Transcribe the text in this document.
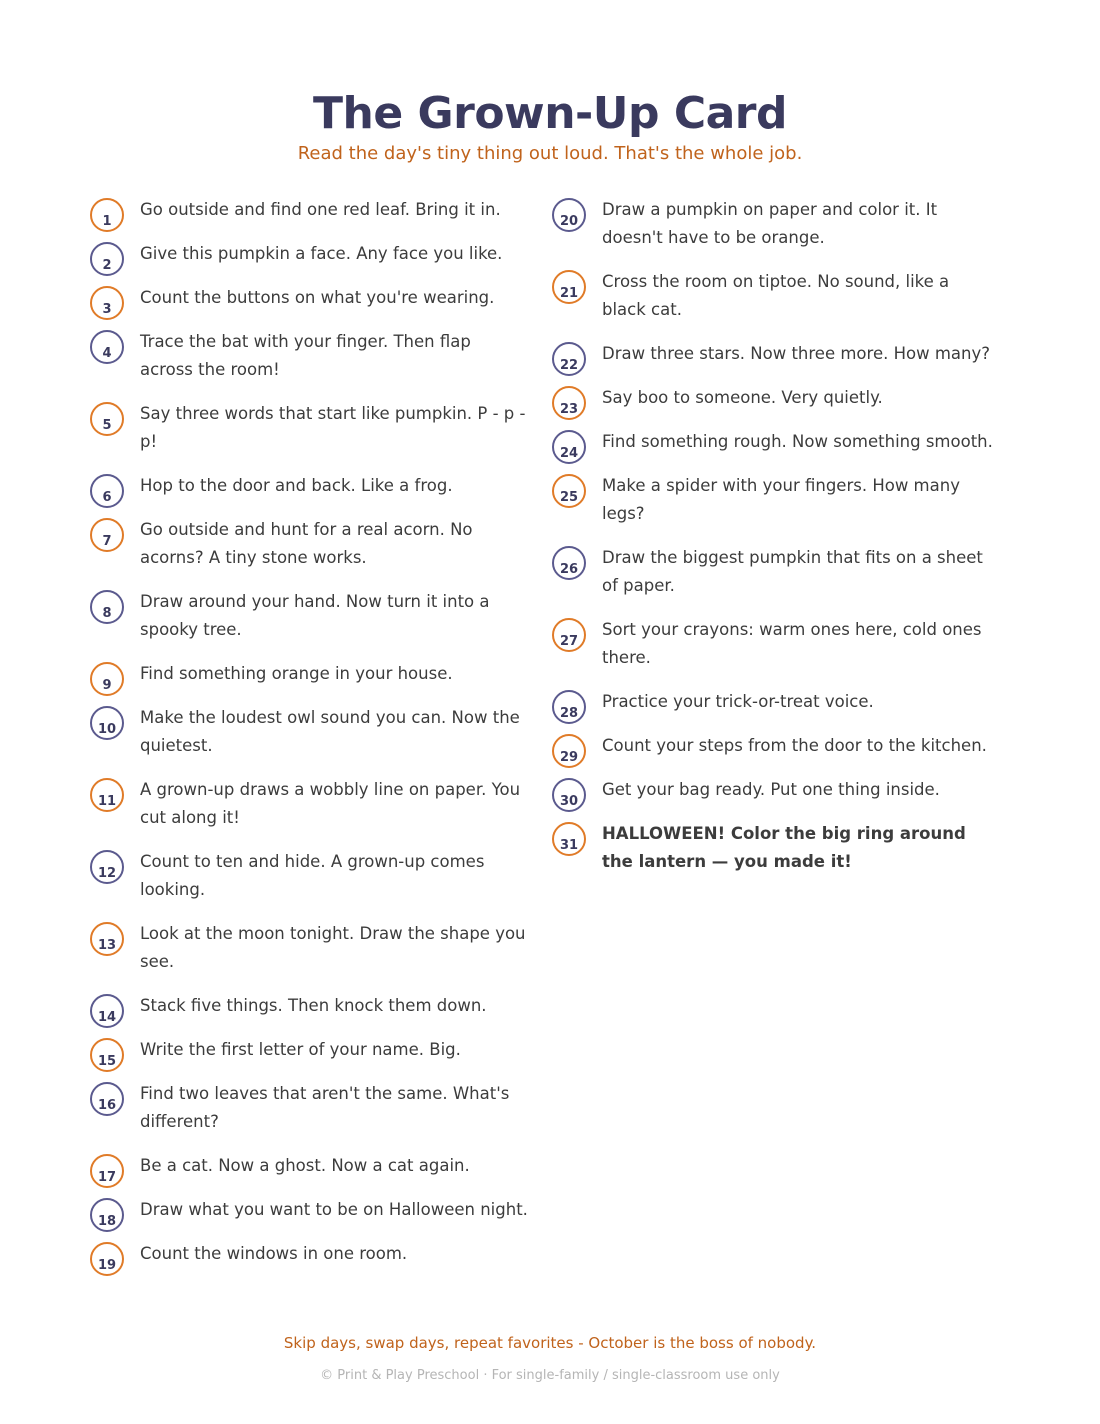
The Grown-Up Card
Read the day's tiny thing out loud. That's the whole job.
1
Go outside and find one red leaf. Bring it in.
2
Give this pumpkin a face. Any face you like.
3
Count the buttons on what you're wearing.
4
Trace the bat with your finger. Then flap across the room!
5
Say three words that start like pumpkin. P - p - p!
6
Hop to the door and back. Like a frog.
7
Go outside and hunt for a real acorn. No acorns? A tiny stone works.
8
Draw around your hand. Now turn it into a spooky tree.
9
Find something orange in your house.
10
Make the loudest owl sound you can. Now the quietest.
11
A grown-up draws a wobbly line on paper. You cut along it!
12
Count to ten and hide. A grown-up comes looking.
13
Look at the moon tonight. Draw the shape you see.
14
Stack five things. Then knock them down.
15
Write the first letter of your name. Big.
16
Find two leaves that aren't the same. What's different?
17
Be a cat. Now a ghost. Now a cat again.
18
Draw what you want to be on Halloween night.
19
Count the windows in one room.
20
Draw a pumpkin on paper and color it. It doesn't have to be orange.
21
Cross the room on tiptoe. No sound, like a black cat.
22
Draw three stars. Now three more. How many?
23
Say boo to someone. Very quietly.
24
Find something rough. Now something smooth.
25
Make a spider with your fingers. How many legs?
26
Draw the biggest pumpkin that fits on a sheet of paper.
27
Sort your crayons: warm ones here, cold ones there.
28
Practice your trick-or-treat voice.
29
Count your steps from the door to the kitchen.
30
Get your bag ready. Put one thing inside.
31
HALLOWEEN! Color the big ring around the lantern — you made it!
Skip days, swap days, repeat favorites - October is the boss of nobody.
© Print & Play Preschool · For single-family / single-classroom use only
